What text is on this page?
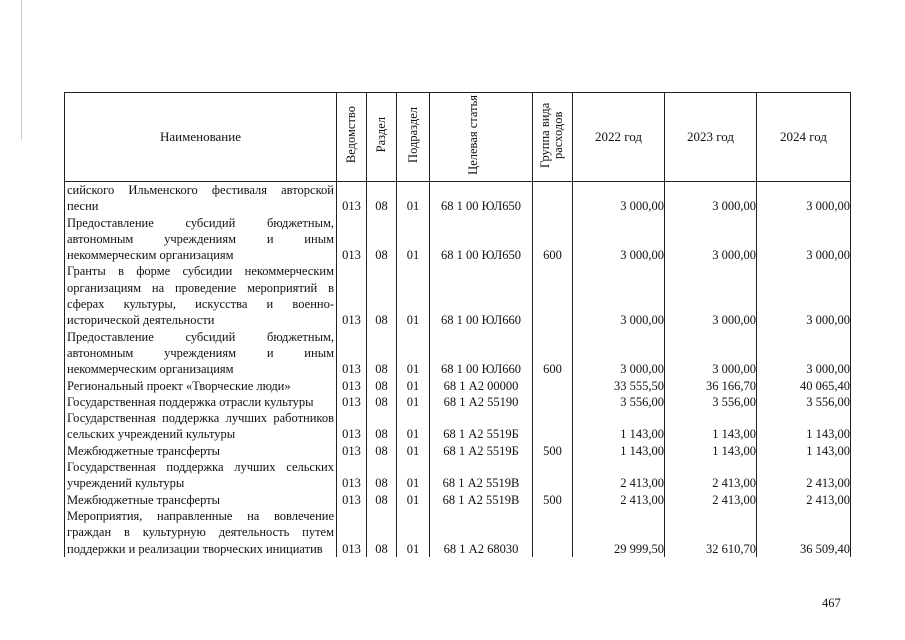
Наименование	Ведомство	Раздел	Подраздел	Целевая статья	Группа вида расходов	2022 год	2023 год	2024 год
сийского Ильменского фестиваля авторской песни	013	08	01	68 1 00 ЮЛ650		3 000,00	3 000,00	3 000,00
Предоставление субсидий бюджетным, автономным учреждениям и иным некоммерческим организациям	013	08	01	68 1 00 ЮЛ650	600	3 000,00	3 000,00	3 000,00
Гранты в форме субсидии некоммерческим организациям на проведение мероприятий в сферах культуры, искусства и военно-исторической деятельности	013	08	01	68 1 00 ЮЛ660		3 000,00	3 000,00	3 000,00
Предоставление субсидий бюджетным, автономным учреждениям и иным некоммерческим организациям	013	08	01	68 1 00 ЮЛ660	600	3 000,00	3 000,00	3 000,00
Региональный проект «Творческие люди»	013	08	01	68 1 А2 00000		33 555,50	36 166,70	40 065,40
Государственная поддержка отрасли культуры	013	08	01	68 1 А2 55190		3 556,00	3 556,00	3 556,00
Государственная поддержка лучших работников сельских учреждений культуры	013	08	01	68 1 А2 5519Б		1 143,00	1 143,00	1 143,00
Межбюджетные трансферты	013	08	01	68 1 А2 5519Б	500	1 143,00	1 143,00	1 143,00
Государственная поддержка лучших сельских учреждений культуры	013	08	01	68 1 А2 5519В		2 413,00	2 413,00	2 413,00
Межбюджетные трансферты	013	08	01	68 1 А2 5519В	500	2 413,00	2 413,00	2 413,00
Мероприятия, направленные на вовлечение граждан в культурную деятельность путем поддержки и реализации творческих инициатив	013	08	01	68 1 А2 68030		29 999,50	32 610,70	36 509,40
467
